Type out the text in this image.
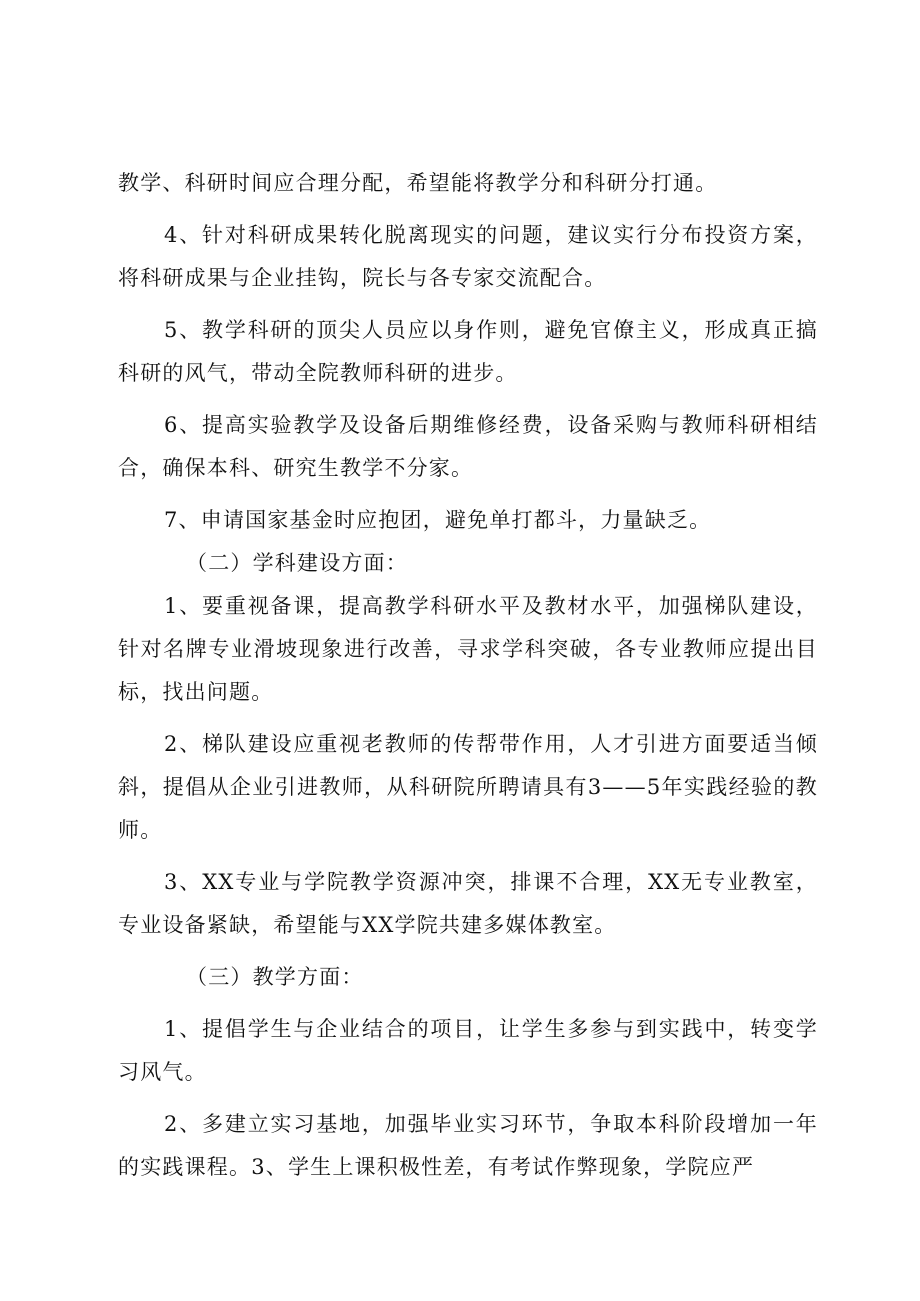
教学、科研时间应合理分配，希望能将教学分和科研分打通。

4、针对科研成果转化脱离现实的问题，建议实行分布投资方案，将科研成果与企业挂钩，院长与各专家交流配合。

5、教学科研的顶尖人员应以身作则，避免官僚主义，形成真正搞科研的风气，带动全院教师科研的进步。

6、提高实验教学及设备后期维修经费，设备采购与教师科研相结合，确保本科、研究生教学不分家。

7、申请国家基金时应抱团，避免单打都斗，力量缺乏。

（二）学科建设方面：

1、要重视备课，提高教学科研水平及教材水平，加强梯队建设，针对名牌专业滑坡现象进行改善，寻求学科突破，各专业教师应提出目标，找出问题。

2、梯队建设应重视老教师的传帮带作用，人才引进方面要适当倾斜，提倡从企业引进教师，从科研院所聘请具有3——5年实践经验的教师。

3、XX专业与学院教学资源冲突，排课不合理，XX无专业教室，专业设备紧缺，希望能与XX学院共建多媒体教室。

（三）教学方面：

1、提倡学生与企业结合的项目，让学生多参与到实践中，转变学习风气。

2、多建立实习基地，加强毕业实习环节，争取本科阶段增加一年的实践课程。3、学生上课积极性差，有考试作弊现象，学院应严
